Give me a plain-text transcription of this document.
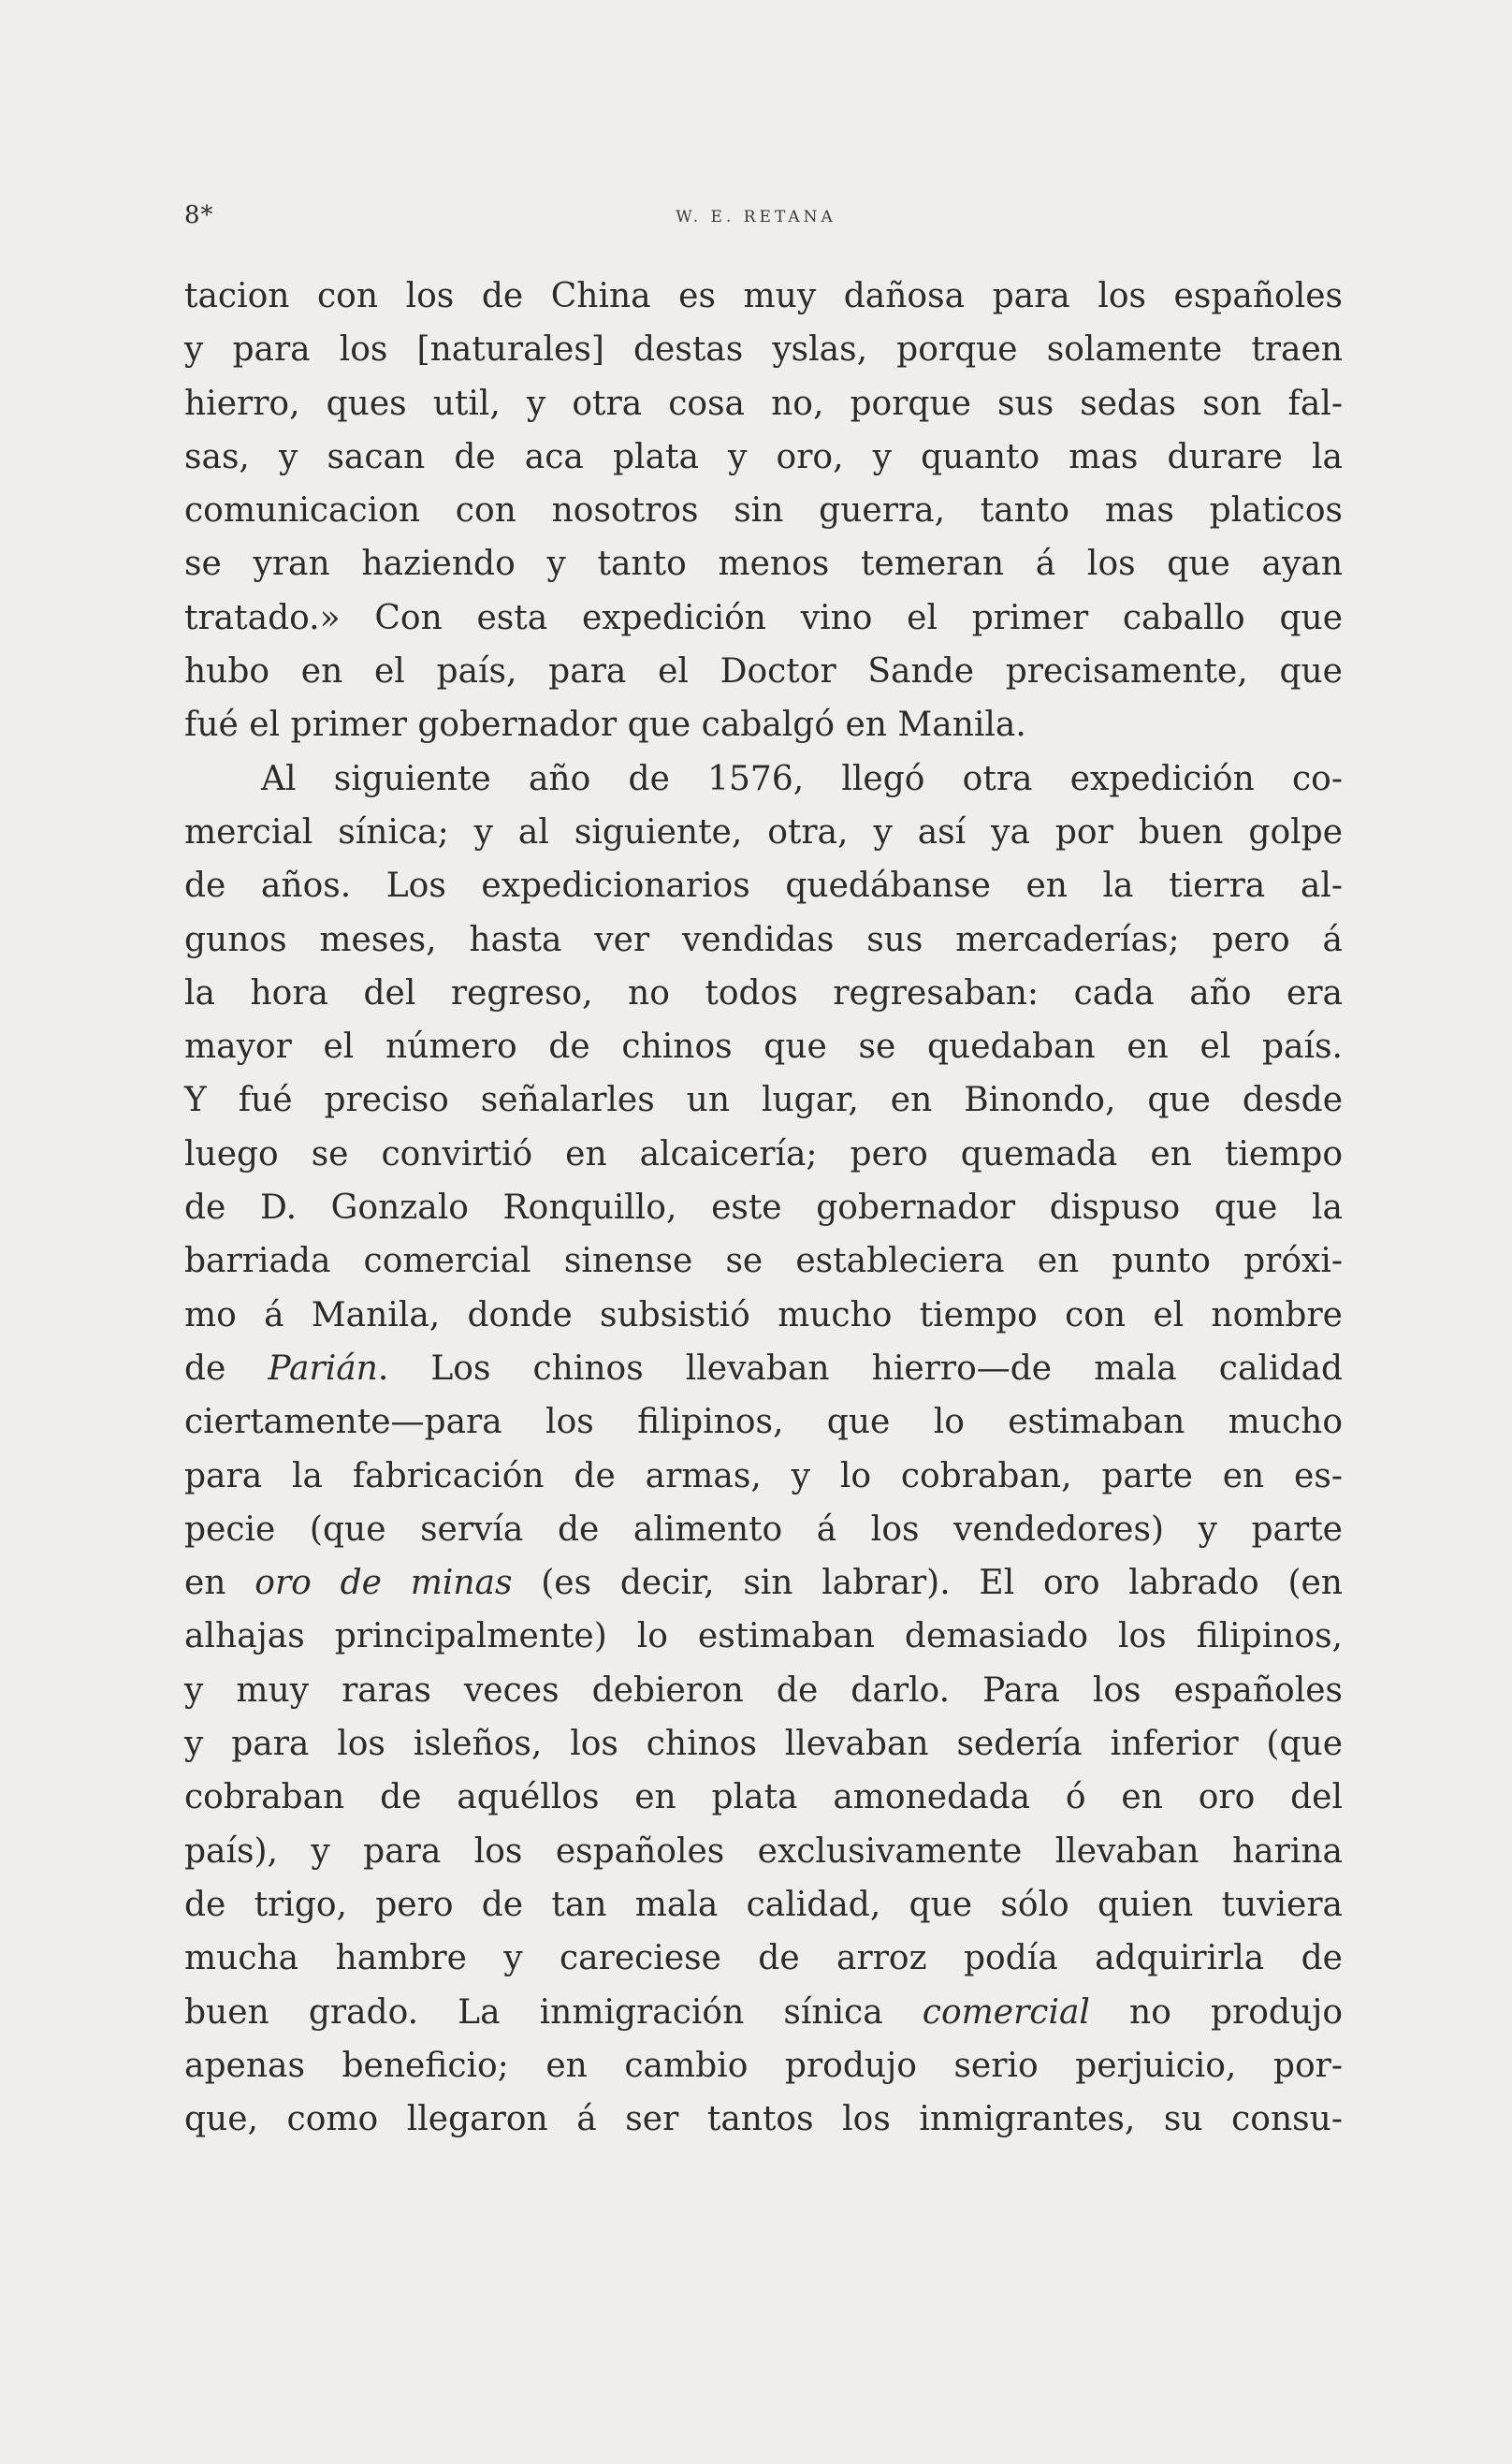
8*	W. E. RETANA
tacion con los de China es muy dañosa para los españoles
y para los [naturales] destas yslas, porque solamente traen
hierro, ques util, y otra cosa no, porque sus sedas son fal-
sas, y sacan de aca plata y oro, y quanto mas durare la
comunicacion con nosotros sin guerra, tanto mas platicos
se yran haziendo y tanto menos temeran á los que ayan
tratado.» Con esta expedición vino el primer caballo que
hubo en el país, para el Doctor Sande precisamente, que
fué el primer gobernador que cabalgó en Manila.
Al siguiente año de 1576, llegó otra expedición co-
mercial sínica; y al siguiente, otra, y así ya por buen golpe
de años. Los expedicionarios quedábanse en la tierra al-
gunos meses, hasta ver vendidas sus mercaderías; pero á
la hora del regreso, no todos regresaban: cada año era
mayor el número de chinos que se quedaban en el país.
Y fué preciso señalarles un lugar, en Binondo, que desde
luego se convirtió en alcaicería; pero quemada en tiempo
de D. Gonzalo Ronquillo, este gobernador dispuso que la
barriada comercial sinense se estableciera en punto próxi-
mo á Manila, donde subsistió mucho tiempo con el nombre
de Parián. Los chinos llevaban hierro—de mala calidad
ciertamente—para los filipinos, que lo estimaban mucho
para la fabricación de armas, y lo cobraban, parte en es-
pecie (que servía de alimento á los vendedores) y parte
en oro de minas (es decir, sin labrar). El oro labrado (en
alhajas principalmente) lo estimaban demasiado los filipinos,
y muy raras veces debieron de darlo. Para los españoles
y para los isleños, los chinos llevaban sedería inferior (que
cobraban de aquéllos en plata amonedada ó en oro del
país), y para los españoles exclusivamente llevaban harina
de trigo, pero de tan mala calidad, que sólo quien tuviera
mucha hambre y careciese de arroz podía adquirirla de
buen grado. La inmigración sínica comercial no produjo
apenas beneficio; en cambio produjo serio perjuicio, por-
que, como llegaron á ser tantos los inmigrantes, su consu-
